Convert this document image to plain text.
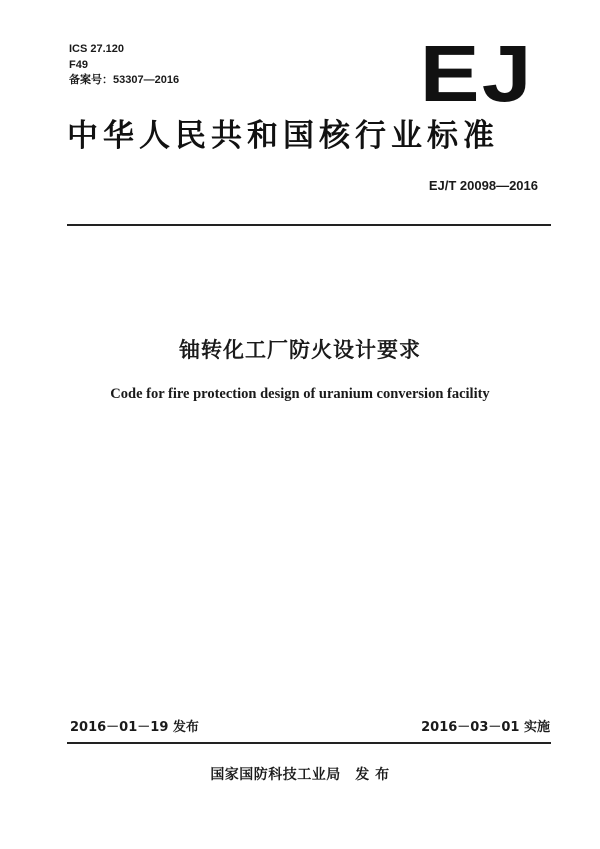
ICS 27.120
F49
备案号：53307—2016	EJ
中华人民共和国核行业标准
EJ/T 20098—2016
铀转化工厂防火设计要求
Code for fire protection design of uranium conversion facility
2016－01－19 发布	2016－03－01 实施
国家国防科技工业局　发 布
